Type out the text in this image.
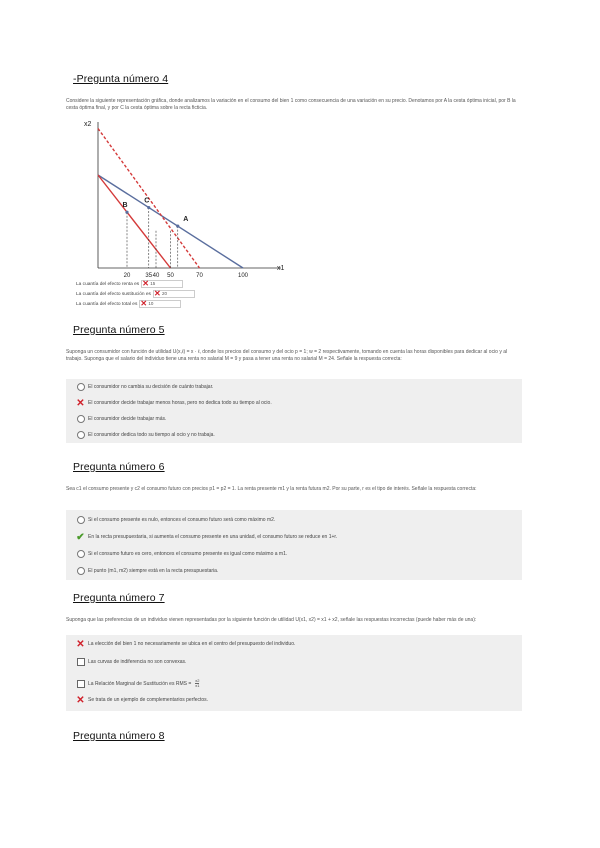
-Pregunta número 4
Considere la siguiente representación gráfica, donde analizamos la variación en el consumo del bien 1 como consecuencia de una variación en su precio. Denotamos por A la cesta óptima inicial, por B la cesta óptima final, y por C la cesta óptima sobre la recta ficticia.
x2
x1
20	35 40 50	70	100
A
B
C
La cuantía del efecto renta es ✕ 15
La cuantía del efecto sustitución es ✕ 20
La cuantía del efecto total es ✕ 10
Pregunta número 5
Suponga un consumidor con función de utilidad U(x,ℓ) = x · ℓ, donde los precios del consumo y del ocio p = 1; w = 2 respectivamente, tomando en cuenta las horas disponibles para dedicar al ocio y al trabajo. Suponga que el salario del individuo tiene una renta no salarial M = 9 y pasa a tener una renta no salarial M = 24. Señale la respuesta correcta:
El consumidor no cambia su decisión de cuánto trabajar.
✕ El consumidor decide trabajar menos horas, pero no dedica todo su tiempo al ocio.
El consumidor decide trabajar más.
El consumidor dedica todo su tiempo al ocio y no trabaja.
Pregunta número 6
Sea c1 el consumo presente y c2 el consumo futuro con precios p1 = p2 = 1. La renta presente m1 y la renta futura m2. Por su parte, r es el tipo de interés. Señale la respuesta correcta:
Si el consumo presente es nulo, entonces el consumo futuro será como máximo m2.
✔ En la recta presupuestaria, si aumenta el consumo presente en una unidad, el consumo futuro se reduce en 1+r.
Si el consumo futuro es cero, entonces el consumo presente es igual como máximo a m1.
El punto (m1, m2) siempre está en la recta presupuestaria.
Pregunta número 7
Suponga que las preferencias de un individuo vienen representadas por la siguiente función de utilidad U(x1, x2) = x1 + x2, señale las respuestas incorrectas (puede haber más de una):
✕ La elección del bien 1 no necesariamente se ubica en el centro del presupuesto del individuo.
Las curvas de indiferencia no son convexas.
La Relación Marginal de Sustitución es RMS = $\frac{x2}{x1}$
✕ Se trata de un ejemplo de complementarios perfectos.
Pregunta número 8
